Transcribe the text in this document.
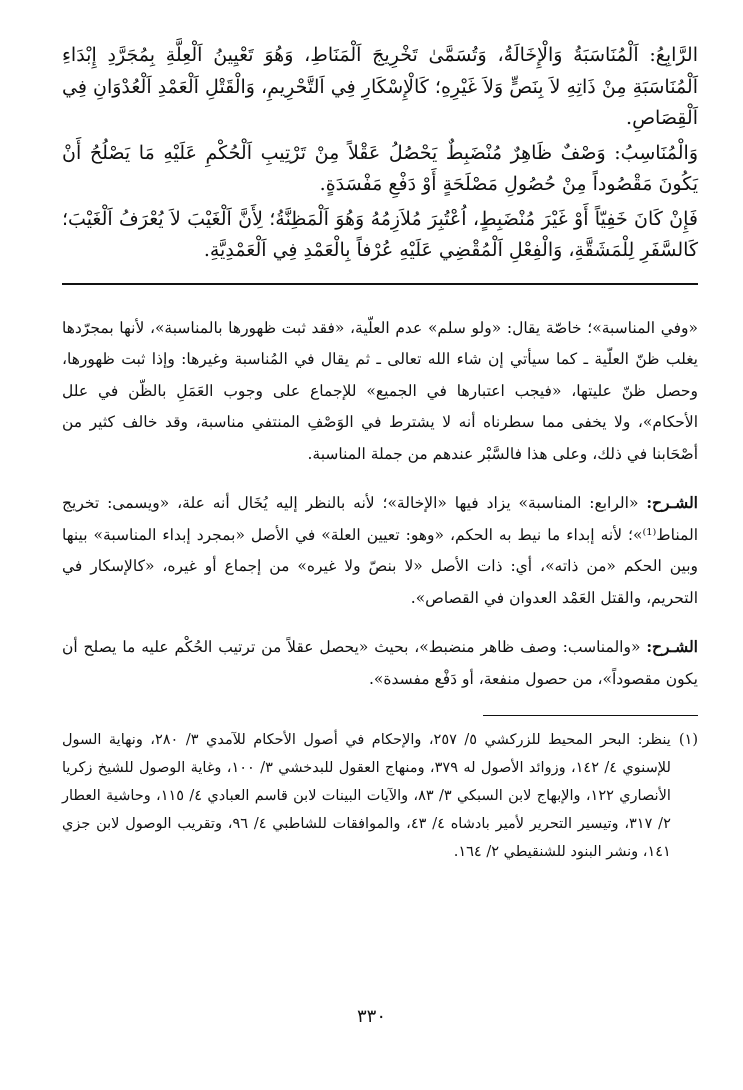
الرَّابِعُ: اَلْمُنَاسَبَةُ وَالْإِخَالَةُ، وَتُسَمَّىٰ تَخْرِيجَ اَلْمَنَاطِ، وَهُوَ تَعْيِينُ اَلْعِلَّةِ بِمُجَرَّدِ إِبْدَاءِ اَلْمُنَاسَبَةِ مِنْ ذَاتِهِ لاَ بِنَصٍّ وَلاَ غَيْرِهِ؛ كَالْإِسْكَارِ فِي اَلتَّحْرِيمِ، وَالْقَتْلِ اَلْعَمْدِ اَلْعُدْوَانِ فِي اَلْقِصَاصِ.

وَالْمُنَاسِبُ: وَصْفٌ ظَاهِرٌ مُنْضَبِطٌ يَحْصُلُ عَقْلاً مِنْ تَرْتِيبِ اَلْحُكْمِ عَلَيْهِ مَا يَصْلُحُ أَنْ يَكُونَ مَقْصُوداً مِنْ حُصُولِ مَصْلَحَةٍ أَوْ دَفْعِ مَفْسَدَةٍ.

فَإِنْ كَانَ خَفِيّاً أَوْ غَيْرَ مُنْضَبِطٍ، اُعْتُبِرَ مُلاَزِمُهُ وَهُوَ اَلْمَظِنَّةُ؛ لِأَنَّ اَلْغَيْبَ لاَ يُعْرَفُ اَلْغَيْبَ؛ كَالسَّفَرِ لِلْمَشَقَّةِ، وَالْفِعْلِ اَلْمُقْضِي عَلَيْهِ عُرْفاً بِالْعَمْدِ فِي اَلْعَمْدِيَّةِ.

«وفي المناسبة»؛ خاصّة يقال: «ولو سلم» عدم العلّية، «فقد ثبت ظهورها بالمناسبة»، لأنها بمجرّدها يغلب ظنّ العلّية ـ كما سيأتي إن شاء الله تعالى ـ ثم يقال في المُناسبة وغيرها: وإذا ثبت ظهورها، وحصل ظنّ عليتها، «فيجب اعتبارها في الجميع» للإجماع على وجوب العَمَلِ بالظّن في علل الأحكام»، ولا يخفى مما سطرناه أنه لا يشترط في الوَصْفِ المنتفي مناسبة، وقد خالف كثير من أصْحَابنا في ذلك، وعلى هذا فالسَّبْر عندهم من جملة المناسبة.

الشـرح: «الرابع: المناسبة» يزاد فيها «الإخالة»؛ لأنه بالنظر إليه يُخَال أنه علة، «ويسمى: تخريج المناط⁽¹⁾»؛ لأنه إبداء ما نيط به الحكم، «وهو: تعيين العلة» في الأصل «بمجرد إبداء المناسبة» بينها وبين الحكم «من ذاته»، أي: ذات الأصل «لا بنصّ ولا غيره» من إجماع أو غيره، «كالإسكار في التحريم، والقتل العَمْد العدوان في القصاص».

الشـرح: «والمناسب: وصف ظاهر منضبط»، بحيث «يحصل عقلاً من ترتيب الحُكْم عليه ما يصلح أن يكون مقصوداً»، من حصول منفعة، أو دَفْع مفسدة».

(١)
ينظر: البحر المحيط للزركشي ٥/ ٢٥٧، والإحكام في أصول الأحكام للآمدي ٣/ ٢٨٠، ونهاية السول للإسنوي ٤/ ١٤٢، وزوائد الأصول له ٣٧٩، ومنهاج العقول للبدخشي ٣/ ١٠٠، وغاية الوصول للشيخ زكريا الأنصاري ١٢٢، والإبهاج لابن السبكي ٣/ ٨٣، والآيات البينات لابن قاسم العبادي ٤/ ١١٥، وحاشية العطار ٢/ ٣١٧، وتيسير التحرير لأمير بادشاه ٤/ ٤٣، والموافقات للشاطبي ٤/ ٩٦، وتقريب الوصول لابن جزي ١٤١، ونشر البنود للشنقيطي ٢/ ١٦٤.

٣٣٠
